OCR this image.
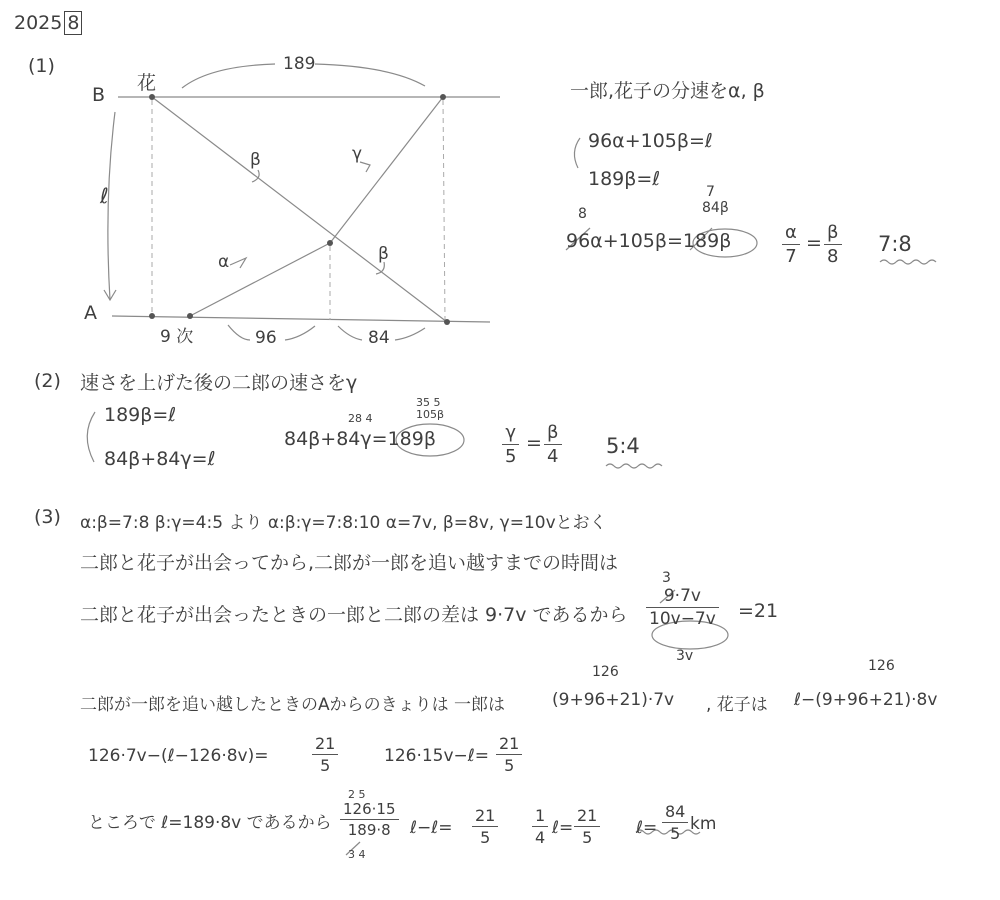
2025 8
(1)
B
A
ℓ
花
9 次
189
96	84
β	γ
α	β
一郎,花子の分速をα, β
96α+105β=ℓ
189β=ℓ
7
84β
8
96α+105β=189β	α
7
= β
8
7:8
(2) 速さを上げた後の二郎の速さをγ
189β=ℓ
84β+84γ=ℓ
28 4
35 5
105β
84β+84γ=189β	γ
5
= β
4 5:4
(3) α:β=7:8 β:γ=4:5 より α:β:γ=7:8:10 α=7v, β=8v, γ=10vとおく
二郎と花子が出会ってから,二郎が一郎を追い越すまでの時間は
二郎と花子が出会ったときの一郎と二郎の差は 9·7v であるから
3
9·7v
10v−7v
3v
=21
126	126
二郎が一郎を追い越したときのAからのきょりは 一郎は	(9+96+21)·7v , 花子は ℓ−(9+96+21)·8v
126·7v−(ℓ−126·8v)=
21
5	126·15v−ℓ=
21
5
ところで ℓ=189·8v であるから
2 5
126·15
189·8
3 4
ℓ−ℓ=
21
5
1
4 ℓ=
21
5	ℓ=
84
5 km
